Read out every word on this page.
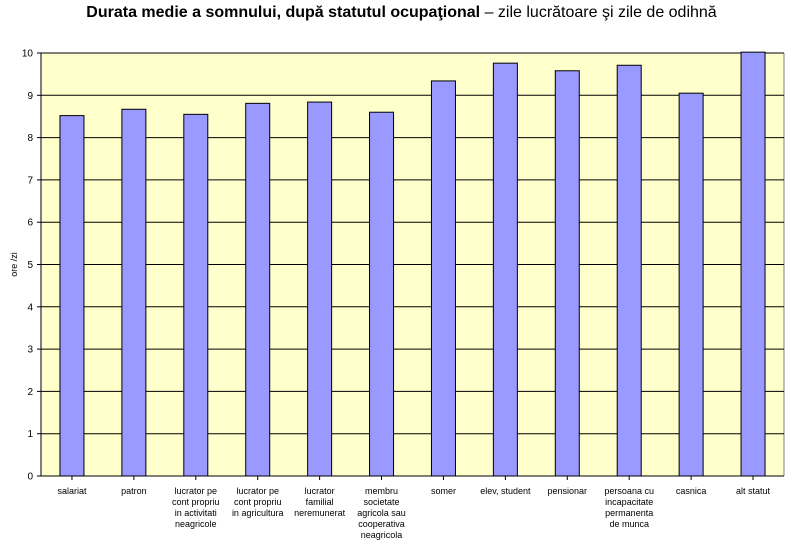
Durata medie a somnului, după statutul ocupaţional – zile lucrătoare şi zile de odihnă
0
1
2
3
4
5
6
7
8
9
10
salariat	patron	lucrator pe cont propriu in activitati neagricole
lucrator pe cont propriu in agricultura
lucrator familial neremunerat
membru societate agricola sau cooperativa neagricola
somer	elev, student pensionar persoana cu incapacitate permanenta de munca
casnica	alt statut
ore /zi
